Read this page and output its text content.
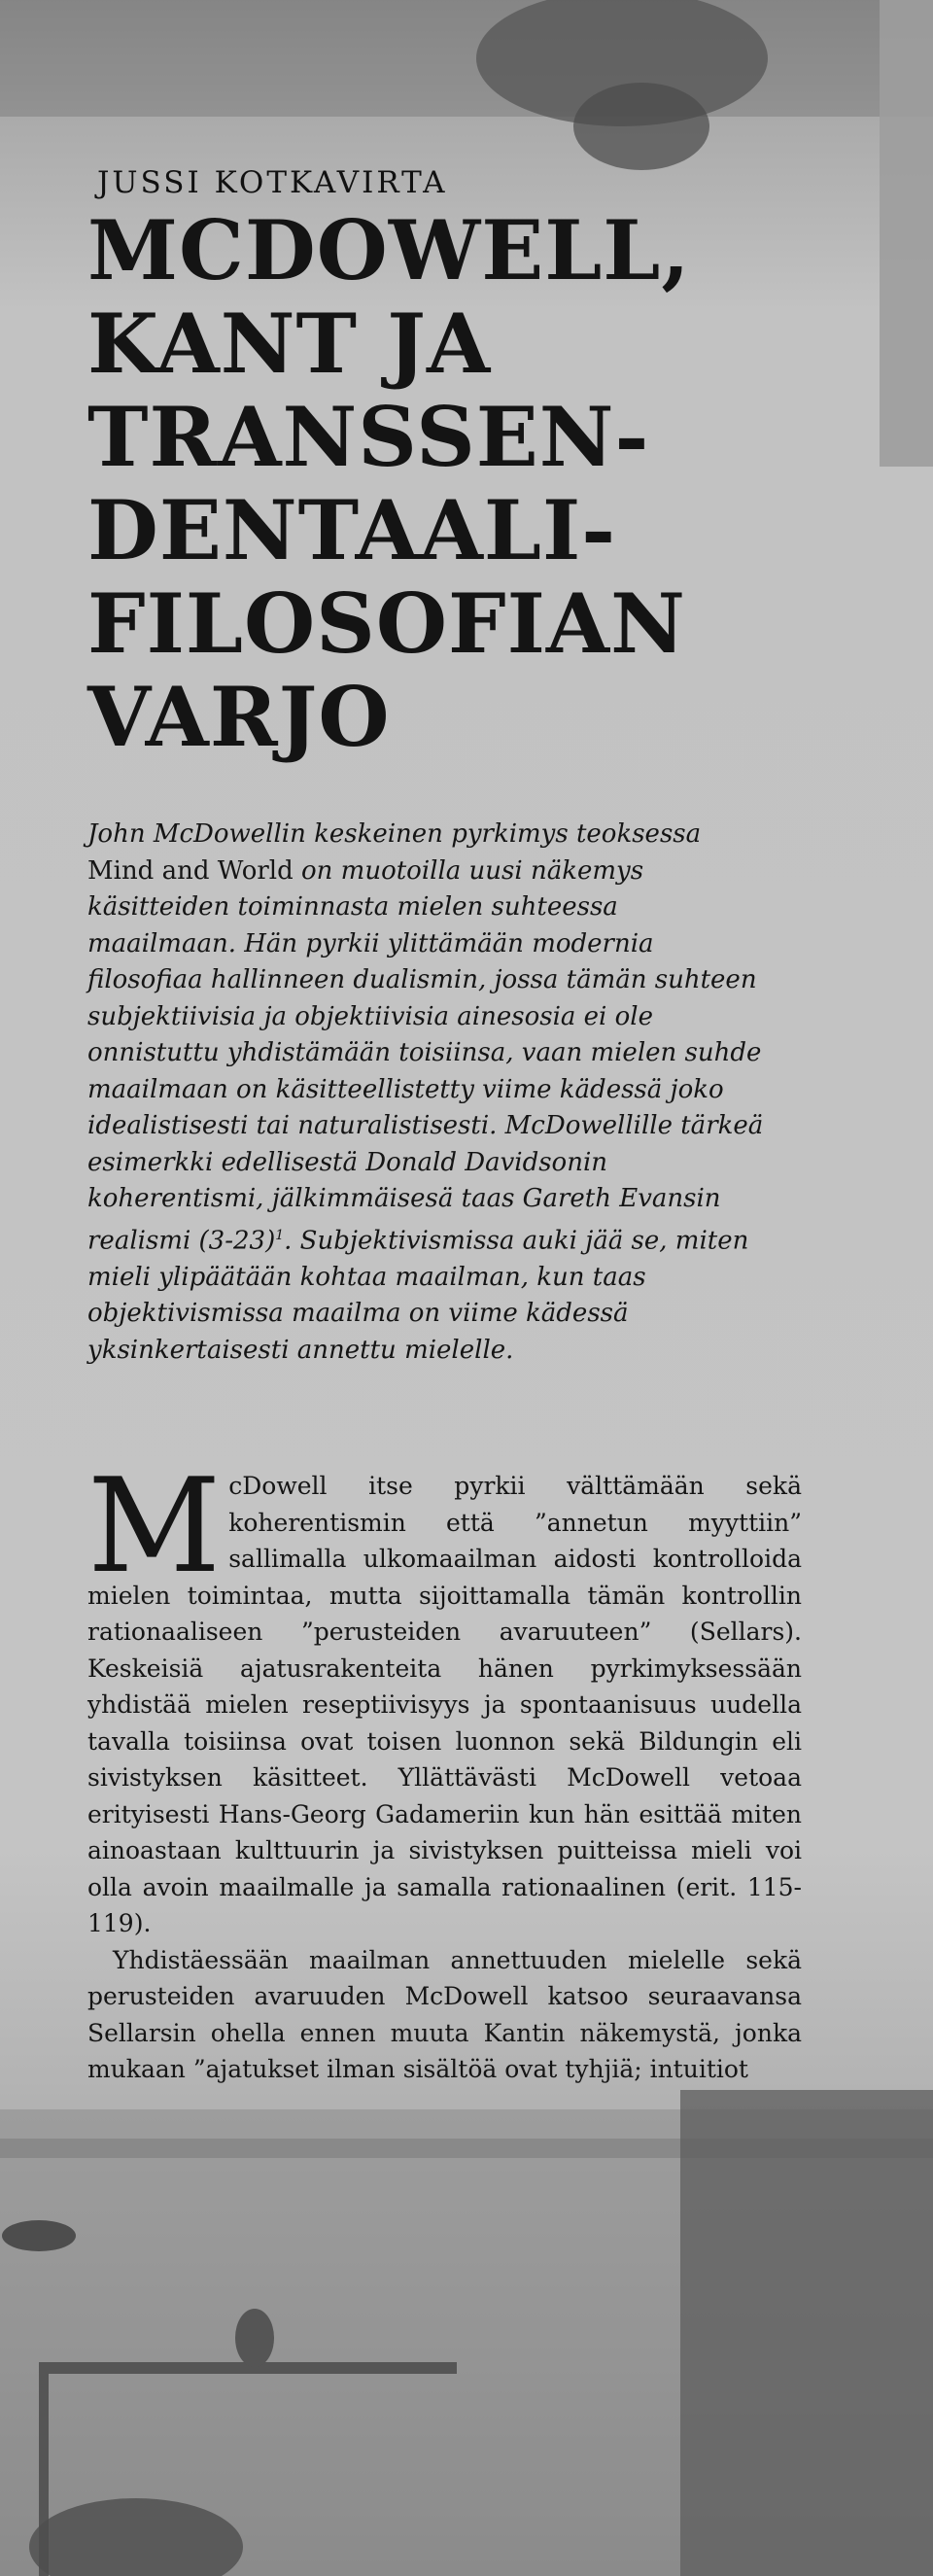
JUSSI KOTKAVIRTA
MCDOWELL,
KANT JA
TRANSSEN-
DENTAALI-
FILOSOFIAN
VARJO

John McDowellin keskeinen pyrkimys teoksessa Mind and World on muotoilla uusi näkemys käsitteiden toiminnasta mielen suhteessa maailmaan. Hän pyrkii ylittämään modernia filosofiaa hallinneen dualismin, jossa tämän suhteen subjektiivisia ja objektiivisia ainesosia ei ole onnistuttu yhdistämään toisiinsa, vaan mielen suhde maailmaan on käsitteellistetty viime kädessä joko idealistisesti tai naturalistisesti. McDowellille tärkeä esimerkki edellisestä Donald Davidsonin koherentismi, jälkimmäisesä taas Gareth Evansin realismi $(3-23)^1$. Subjektivismissa auki jää se, miten mieli ylipäätään kohtaa maailman, kun taas objektivismissa maailma on viime kädessä yksinkertaisesti annettu mielelle.

McDowell itse pyrkii välttämään sekä koherentismin että ”annetun myyttiin” sallimalla ulkomaailman aidosti kontrolloida mielen toimintaa, mutta sijoittamalla tämän kontrollin rationaaliseen ”perusteiden avaruuteen” (Sellars). Keskeisiä ajatusrakenteita hänen pyrkimyksessään yhdistää mielen reseptiivisyys ja spontaanisuus uudella tavalla toisiinsa ovat toisen luonnon sekä Bildungin eli sivistyksen käsitteet. Yllättävästi McDowell vetoaa erityisesti Hans-Georg Gadameriin kun hän esittää miten ainoastaan kulttuurin ja sivistyksen puitteissa mieli voi olla avoin maailmalle ja samalla rationaalinen (erit. 115-119).

Yhdistäessään maailman annettuuden mielelle sekä perusteiden avaruuden McDowell katsoo seuraavansa Sellarsin ohella ennen muuta Kantin näkemystä, jonka mukaan ”ajatukset ilman sisältöä ovat tyhjiä; intuitiot
